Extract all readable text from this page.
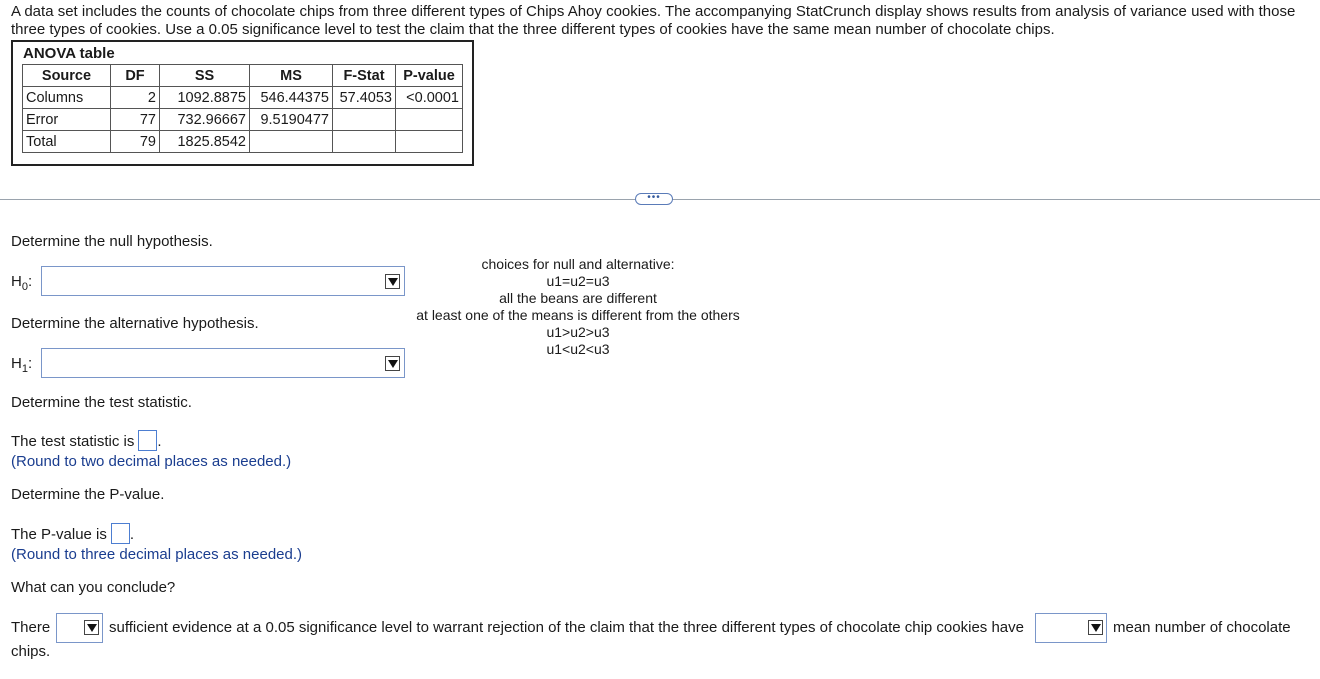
A data set includes the counts of chocolate chips from three different types of Chips Ahoy cookies. The accompanying StatCrunch display shows results from analysis of variance used with those three types of cookies. Use a 0.05 significance level to test the claim that the three different types of cookies have the same mean number of chocolate chips.
ANOVA table
Source	DF	SS	MS	F-Stat	P-value
Columns	2	1092.8875	546.44375	57.4053	<0.0001
Error	77	732.96667	9.5190477		
Total	79	1825.8542			
•••
Determine the null hypothesis.
$H_0$:
Determine the alternative hypothesis.
$H_1$:
choices for null and alternative:
u1=u2=u3
all the beans are different
at least one of the means is different from the others
u1>u2>u3
u1<u2<u3
Determine the test statistic.
The test statistic is .
(Round to two decimal places as needed.)
Determine the P-value.
The P-value is .
(Round to three decimal places as needed.)
What can you conclude?
There	sufficient evidence at a 0.05 significance level to warrant rejection of the claim that the three different types of chocolate chip cookies have	mean number of chocolate
chips.
